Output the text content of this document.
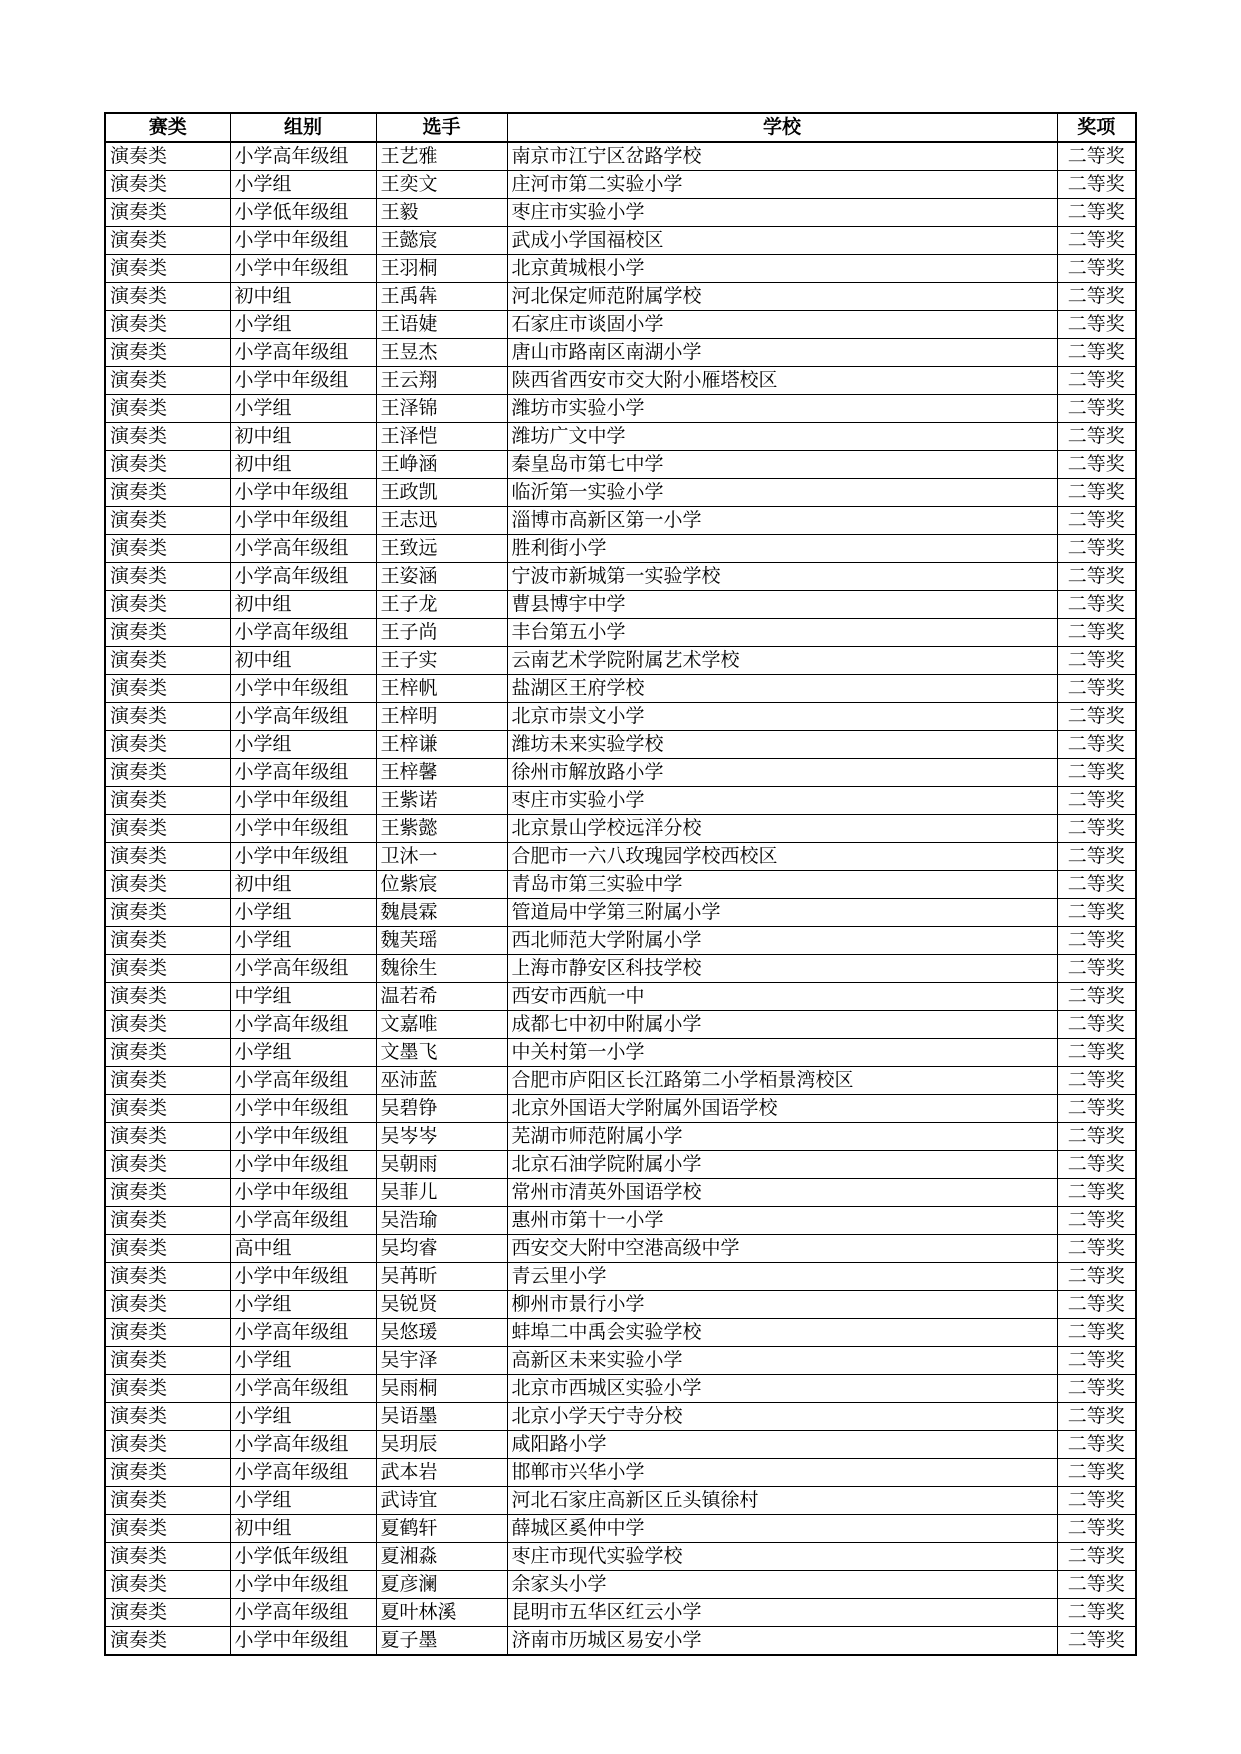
赛类	组别	选手	学校	奖项
演奏类	小学高年级组	王艺雅	南京市江宁区岔路学校	二等奖
演奏类	小学组	王奕文	庄河市第二实验小学	二等奖
演奏类	小学低年级组	王毅	枣庄市实验小学	二等奖
演奏类	小学中年级组	王懿宸	武成小学国福校区	二等奖
演奏类	小学中年级组	王羽桐	北京黄城根小学	二等奖
演奏类	初中组	王禹犇	河北保定师范附属学校	二等奖
演奏类	小学组	王语婕	石家庄市谈固小学	二等奖
演奏类	小学高年级组	王昱杰	唐山市路南区南湖小学	二等奖
演奏类	小学中年级组	王云翔	陕西省西安市交大附小雁塔校区	二等奖
演奏类	小学组	王泽锦	潍坊市实验小学	二等奖
演奏类	初中组	王泽恺	潍坊广文中学	二等奖
演奏类	初中组	王峥涵	秦皇岛市第七中学	二等奖
演奏类	小学中年级组	王政凯	临沂第一实验小学	二等奖
演奏类	小学中年级组	王志迅	淄博市高新区第一小学	二等奖
演奏类	小学高年级组	王致远	胜利街小学	二等奖
演奏类	小学高年级组	王姿涵	宁波市新城第一实验学校	二等奖
演奏类	初中组	王子龙	曹县博宇中学	二等奖
演奏类	小学高年级组	王子尚	丰台第五小学	二等奖
演奏类	初中组	王子实	云南艺术学院附属艺术学校	二等奖
演奏类	小学中年级组	王梓帆	盐湖区王府学校	二等奖
演奏类	小学高年级组	王梓明	北京市崇文小学	二等奖
演奏类	小学组	王梓谦	潍坊未来实验学校	二等奖
演奏类	小学高年级组	王梓馨	徐州市解放路小学	二等奖
演奏类	小学中年级组	王紫诺	枣庄市实验小学	二等奖
演奏类	小学中年级组	王紫懿	北京景山学校远洋分校	二等奖
演奏类	小学中年级组	卫沐一	合肥市一六八玫瑰园学校西校区	二等奖
演奏类	初中组	位紫宸	青岛市第三实验中学	二等奖
演奏类	小学组	魏晨霖	管道局中学第三附属小学	二等奖
演奏类	小学组	魏芙瑶	西北师范大学附属小学	二等奖
演奏类	小学高年级组	魏徐生	上海市静安区科技学校	二等奖
演奏类	中学组	温若希	西安市西航一中	二等奖
演奏类	小学高年级组	文嘉唯	成都七中初中附属小学	二等奖
演奏类	小学组	文墨飞	中关村第一小学	二等奖
演奏类	小学高年级组	巫沛蓝	合肥市庐阳区长江路第二小学栢景湾校区	二等奖
演奏类	小学中年级组	吴碧铮	北京外国语大学附属外国语学校	二等奖
演奏类	小学中年级组	吴岑岑	芜湖市师范附属小学	二等奖
演奏类	小学中年级组	吴朝雨	北京石油学院附属小学	二等奖
演奏类	小学中年级组	吴菲儿	常州市清英外国语学校	二等奖
演奏类	小学高年级组	吴浩瑜	惠州市第十一小学	二等奖
演奏类	高中组	吴均睿	西安交大附中空港高级中学	二等奖
演奏类	小学中年级组	吴苒昕	青云里小学	二等奖
演奏类	小学组	吴锐贤	柳州市景行小学	二等奖
演奏类	小学高年级组	吴悠瑗	蚌埠二中禹会实验学校	二等奖
演奏类	小学组	吴宇泽	高新区未来实验小学	二等奖
演奏类	小学高年级组	吴雨桐	北京市西城区实验小学	二等奖
演奏类	小学组	吴语墨	北京小学天宁寺分校	二等奖
演奏类	小学高年级组	吴玥辰	咸阳路小学	二等奖
演奏类	小学高年级组	武本岩	邯郸市兴华小学	二等奖
演奏类	小学组	武诗宜	河北石家庄高新区丘头镇徐村	二等奖
演奏类	初中组	夏鹤轩	薛城区奚仲中学	二等奖
演奏类	小学低年级组	夏湘淼	枣庄市现代实验学校	二等奖
演奏类	小学中年级组	夏彦澜	余家头小学	二等奖
演奏类	小学高年级组	夏叶林溪	昆明市五华区红云小学	二等奖
演奏类	小学中年级组	夏子墨	济南市历城区易安小学	二等奖
